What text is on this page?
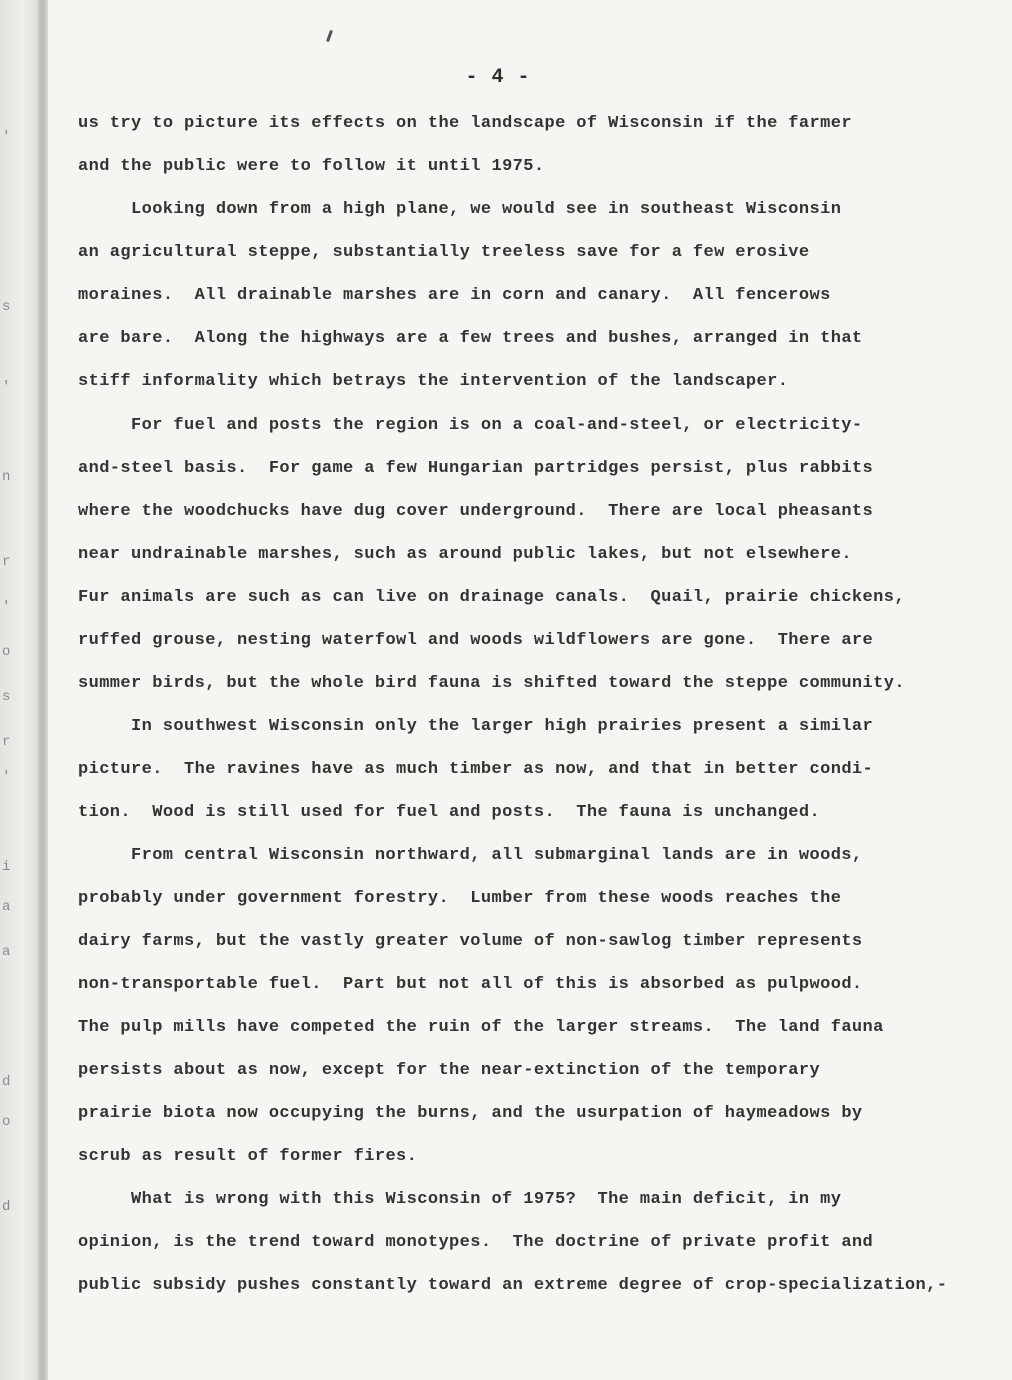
'
s
'
n
r
'
o
s
r
'
i
a
a
d
o
d
- 4 -
us try to picture its effects on the landscape of Wisconsin if the farmer
and the public were to follow it until 1975.
Looking down from a high plane, we would see in southeast Wisconsin
an agricultural steppe, substantially treeless save for a few erosive
moraines.  All drainable marshes are in corn and canary.  All fencerows
are bare.  Along the highways are a few trees and bushes, arranged in that
stiff informality which betrays the intervention of the landscaper.
For fuel and posts the region is on a coal-and-steel, or electricity-
and-steel basis.  For game a few Hungarian partridges persist, plus rabbits
where the woodchucks have dug cover underground.  There are local pheasants
near undrainable marshes, such as around public lakes, but not elsewhere.
Fur animals are such as can live on drainage canals.  Quail, prairie chickens,
ruffed grouse, nesting waterfowl and woods wildflowers are gone.  There are
summer birds, but the whole bird fauna is shifted toward the steppe community.
In southwest Wisconsin only the larger high prairies present a similar
picture.  The ravines have as much timber as now, and that in better condi-
tion.  Wood is still used for fuel and posts.  The fauna is unchanged.
From central Wisconsin northward, all submarginal lands are in woods,
probably under government forestry.  Lumber from these woods reaches the
dairy farms, but the vastly greater volume of non-sawlog timber represents
non-transportable fuel.  Part but not all of this is absorbed as pulpwood.
The pulp mills have competed the ruin of the larger streams.  The land fauna
persists about as now, except for the near-extinction of the temporary
prairie biota now occupying the burns, and the usurpation of haymeadows by
scrub as result of former fires.
What is wrong with this Wisconsin of 1975?  The main deficit, in my
opinion, is the trend toward monotypes.  The doctrine of private profit and
public subsidy pushes constantly toward an extreme degree of crop-specialization,-
